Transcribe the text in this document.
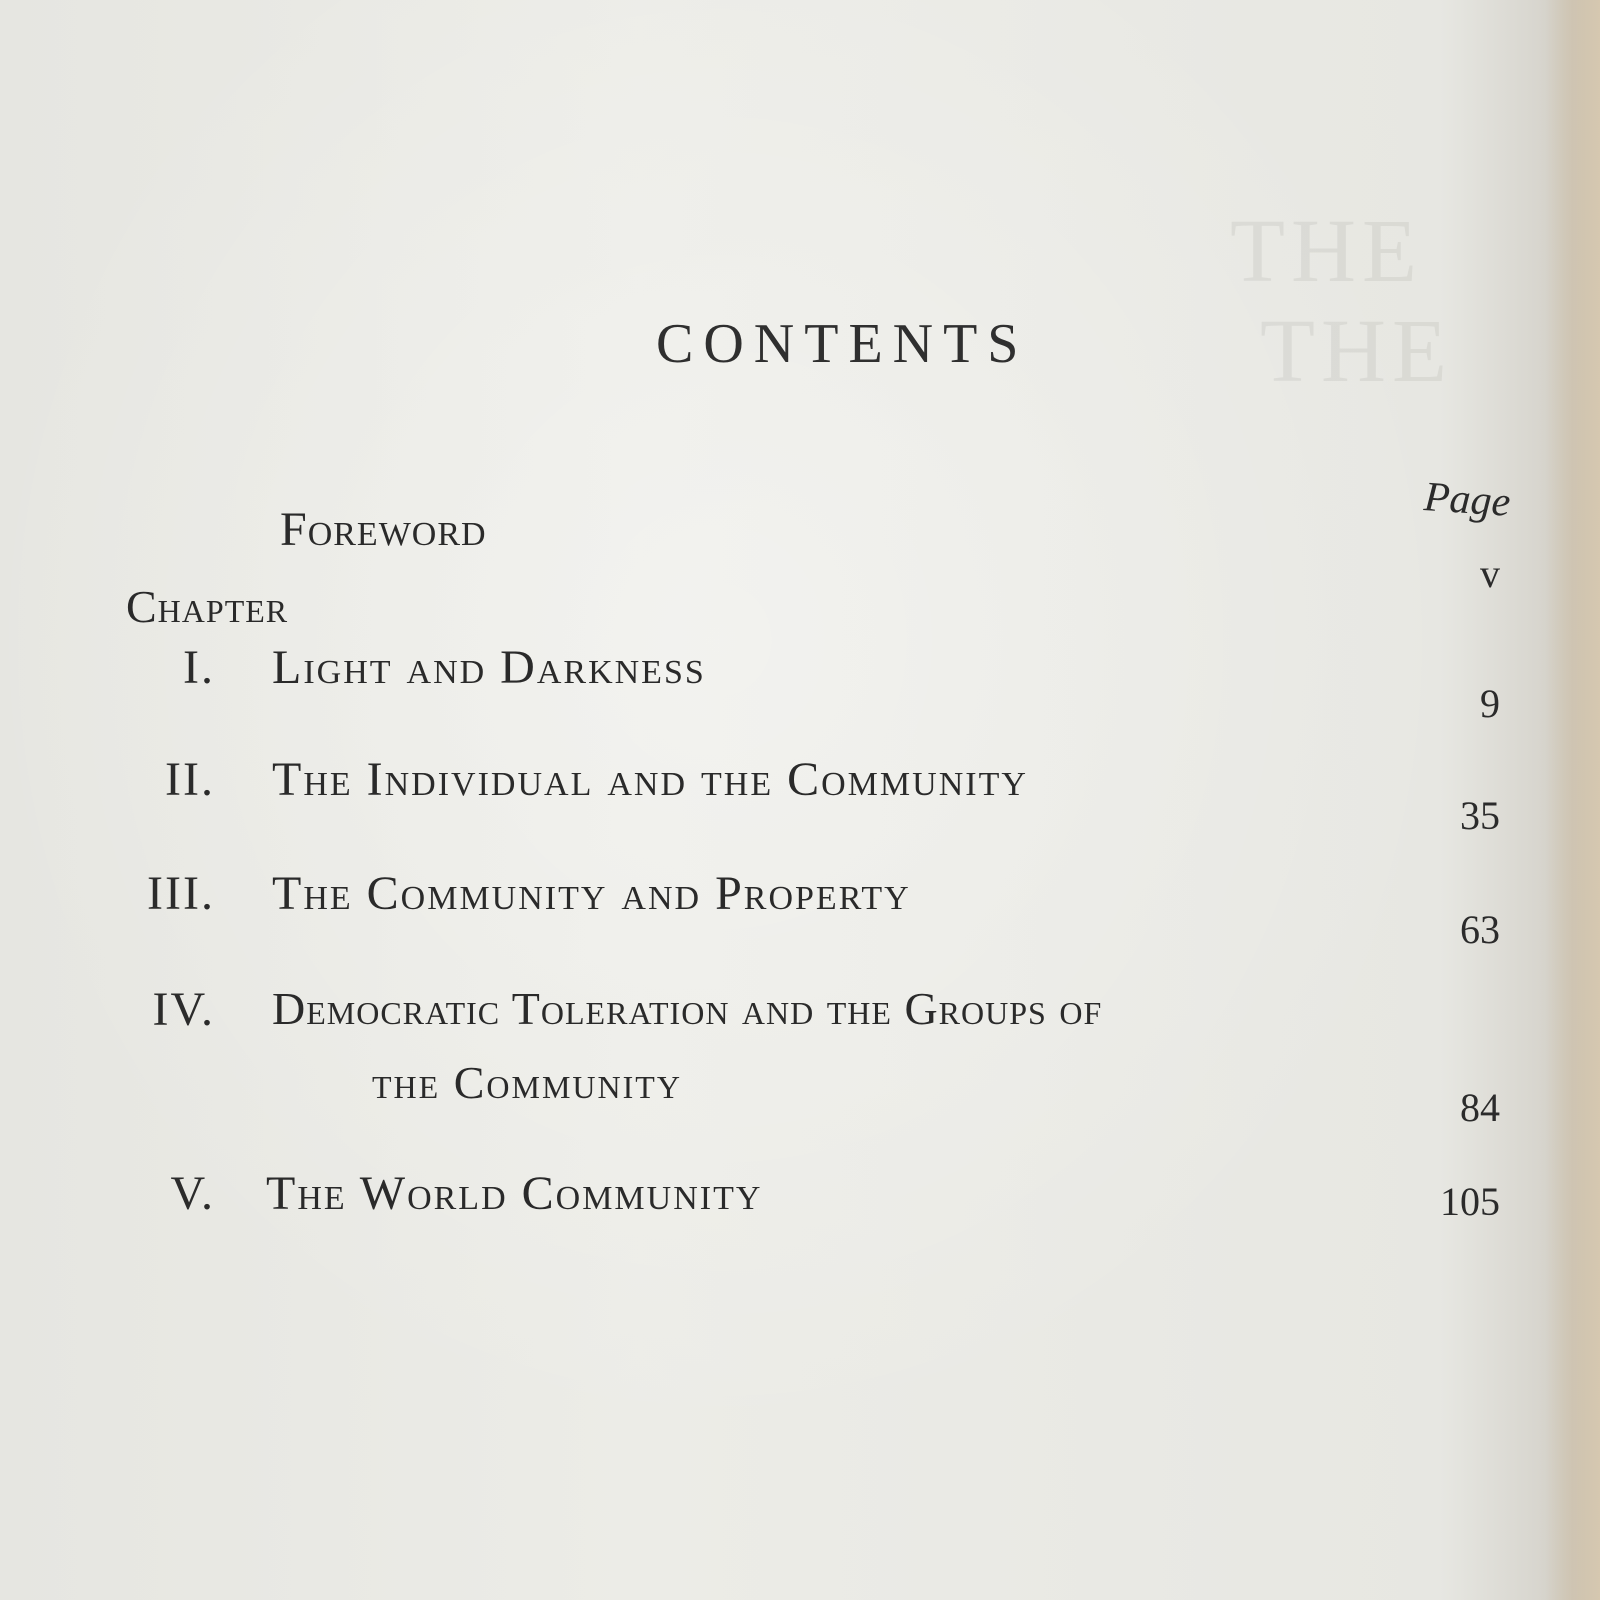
THE
THE
CONTENTS
Page
Foreword
v
Chapter
I. Light and Darkness
9
II. The Individual and the Community
35
III. The Community and Property
63
IV. Democratic Toleration and the Groups of
the Community	84
V. The World Community	105
